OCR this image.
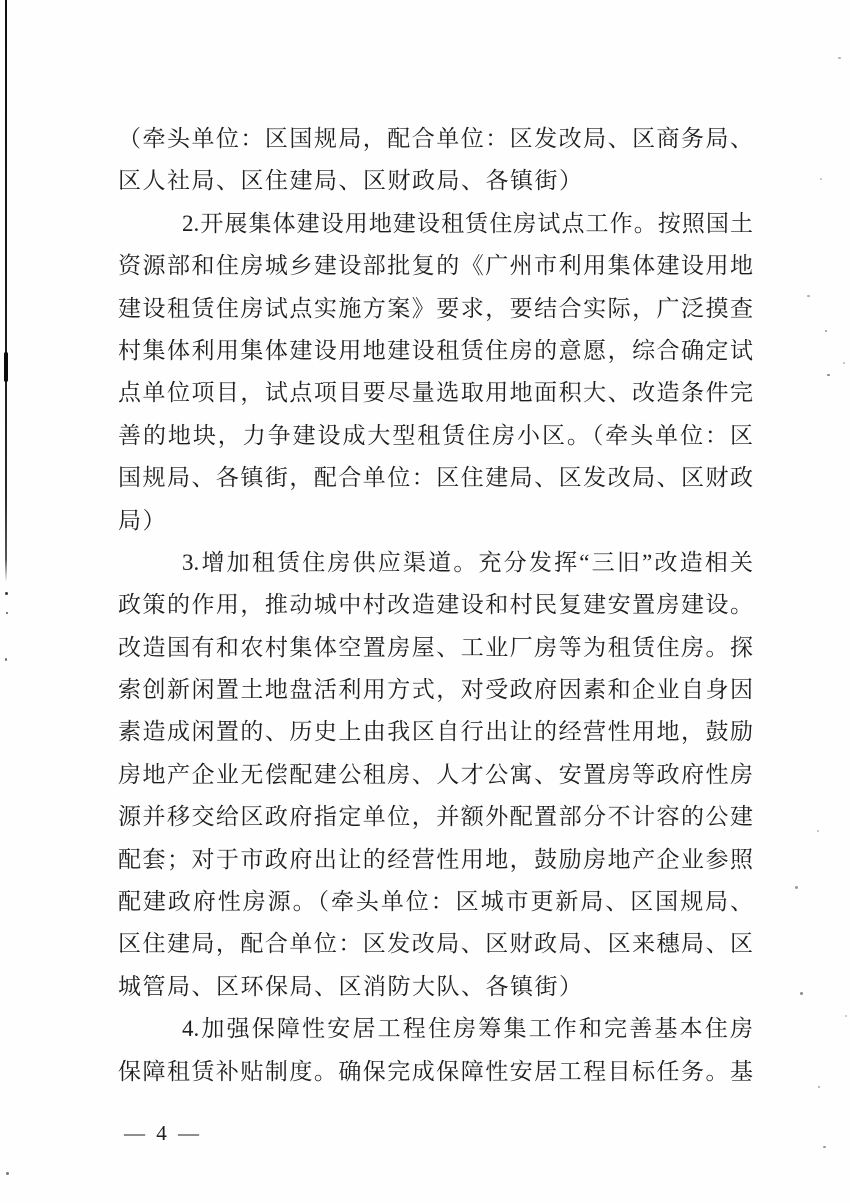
（牵头单位：区国规局，配合单位：区发改局、区商务局、
区人社局、区住建局、区财政局、各镇街）
2.开展集体建设用地建设租赁住房试点工作。按照国土
资源部和住房城乡建设部批复的《广州市利用集体建设用地
建设租赁住房试点实施方案》要求，要结合实际，广泛摸查
村集体利用集体建设用地建设租赁住房的意愿，综合确定试
点单位项目，试点项目要尽量选取用地面积大、改造条件完
善的地块，力争建设成大型租赁住房小区。（牵头单位：区
国规局、各镇街，配合单位：区住建局、区发改局、区财政
局）
3.增加租赁住房供应渠道。充分发挥“三旧”改造相关
政策的作用，推动城中村改造建设和村民复建安置房建设。
改造国有和农村集体空置房屋、工业厂房等为租赁住房。探
索创新闲置土地盘活利用方式，对受政府因素和企业自身因
素造成闲置的、历史上由我区自行出让的经营性用地，鼓励
房地产企业无偿配建公租房、人才公寓、安置房等政府性房
源并移交给区政府指定单位，并额外配置部分不计容的公建
配套；对于市政府出让的经营性用地，鼓励房地产企业参照
配建政府性房源。（牵头单位：区城市更新局、区国规局、
区住建局，配合单位：区发改局、区财政局、区来穗局、区
城管局、区环保局、区消防大队、各镇街）
4.加强保障性安居工程住房筹集工作和完善基本住房
保障租赁补贴制度。确保完成保障性安居工程目标任务。基
— 4 —
